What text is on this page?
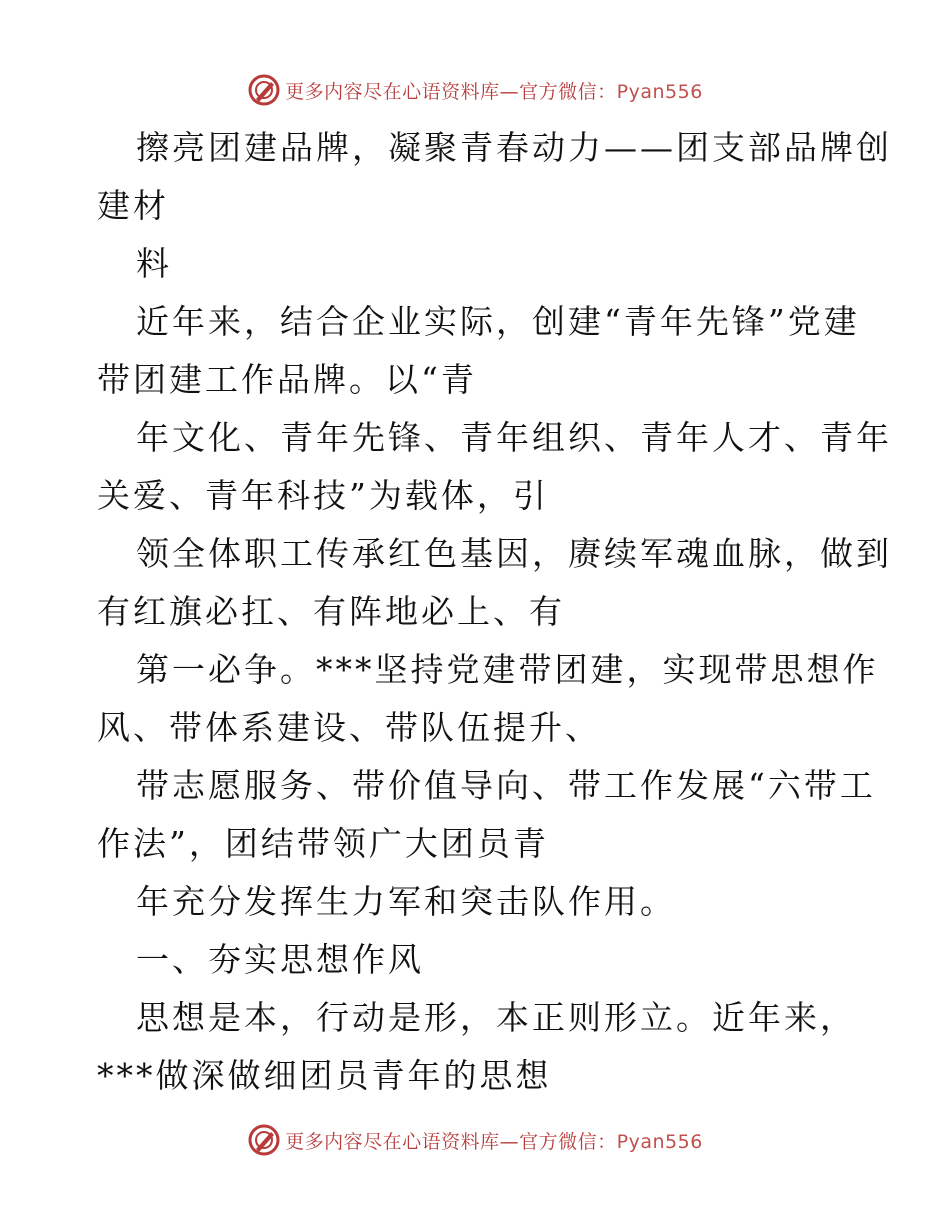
更多内容尽在心语资料库—官方微信：Pyan556
擦亮团建品牌，凝聚青春动力——团支部品牌创
建材
料
近年来，结合企业实际，创建“青年先锋”党建
带团建工作品牌。以“青
年文化、青年先锋、青年组织、青年人才、青年
关爱、青年科技”为载体，引
领全体职工传承红色基因，赓续军魂血脉，做到
有红旗必扛、有阵地必上、有
第一必争。***坚持党建带团建，实现带思想作
风、带体系建设、带队伍提升、
带志愿服务、带价值导向、带工作发展“六带工
作法”，团结带领广大团员青
年充分发挥生力军和突击队作用。
一、夯实思想作风
思想是本，行动是形，本正则形立。近年来，
***做深做细团员青年的思想
更多内容尽在心语资料库—官方微信：Pyan556
